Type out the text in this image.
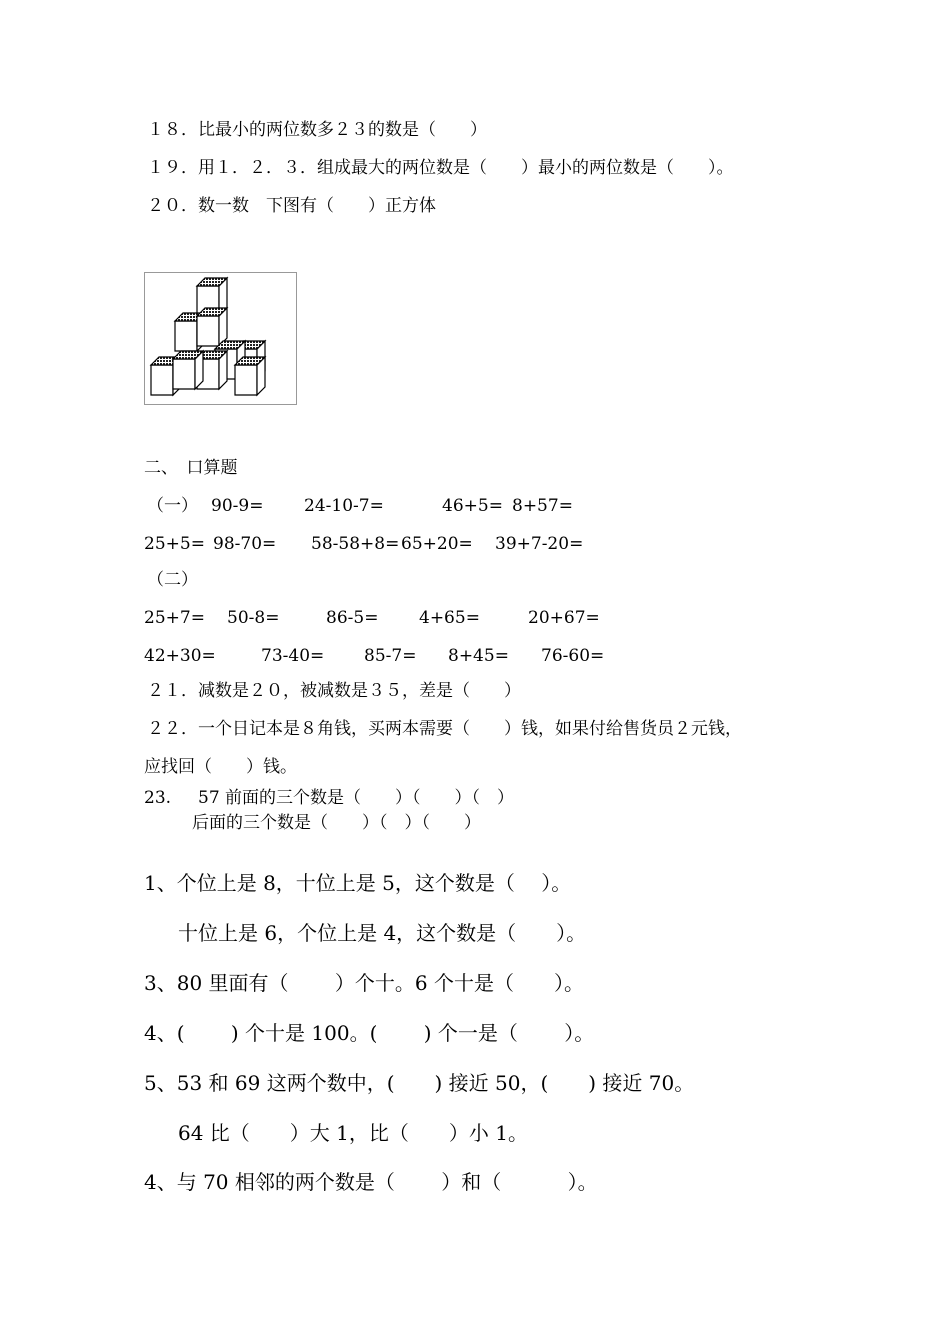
１８．比最小的两位数多２３的数是（　　）
１９．用１．２．３．组成最大的两位数是（　　）最小的两位数是（　　）。
２０．数一数　下图有（　　）正方体
二、　口算题
（一） 90-9= 24-10-7=	46+5= 8+57=
25+5= 98-70= 58-58+8= 65+20= 39+7-20=
（二）
25+7= 50-8=	86-5= 4+65=	20+67=
42+30=	73-40= 85-7= 8+45= 76-60=
２１．减数是２０，被减数是３５，差是（　　）
２２．一个日记本是８角钱，买两本需要（　　）钱，如果付给售货员２元钱，
应找回（　　）钱。
23. 57 前面的三个数是（　　）（　　）（　）
后面的三个数是（　　）（　）（　　）
1、个位上是 8，十位上是 5，这个数是（　 ）。
十位上是 6，个位上是 4，这个数是（　　）。
3、80 里面有（　　 ）个十。6 个十是（　　）。
4、(　　 ) 个十是 100。(　　 ) 个一是（　　 ）。
5、53 和 69 这两个数中，(　　) 接近 50，(　　) 接近 70。
64 比（　　）大 1，比（　　）小 1。
4、与 70 相邻的两个数是（　　 ）和（　　　 ）。
